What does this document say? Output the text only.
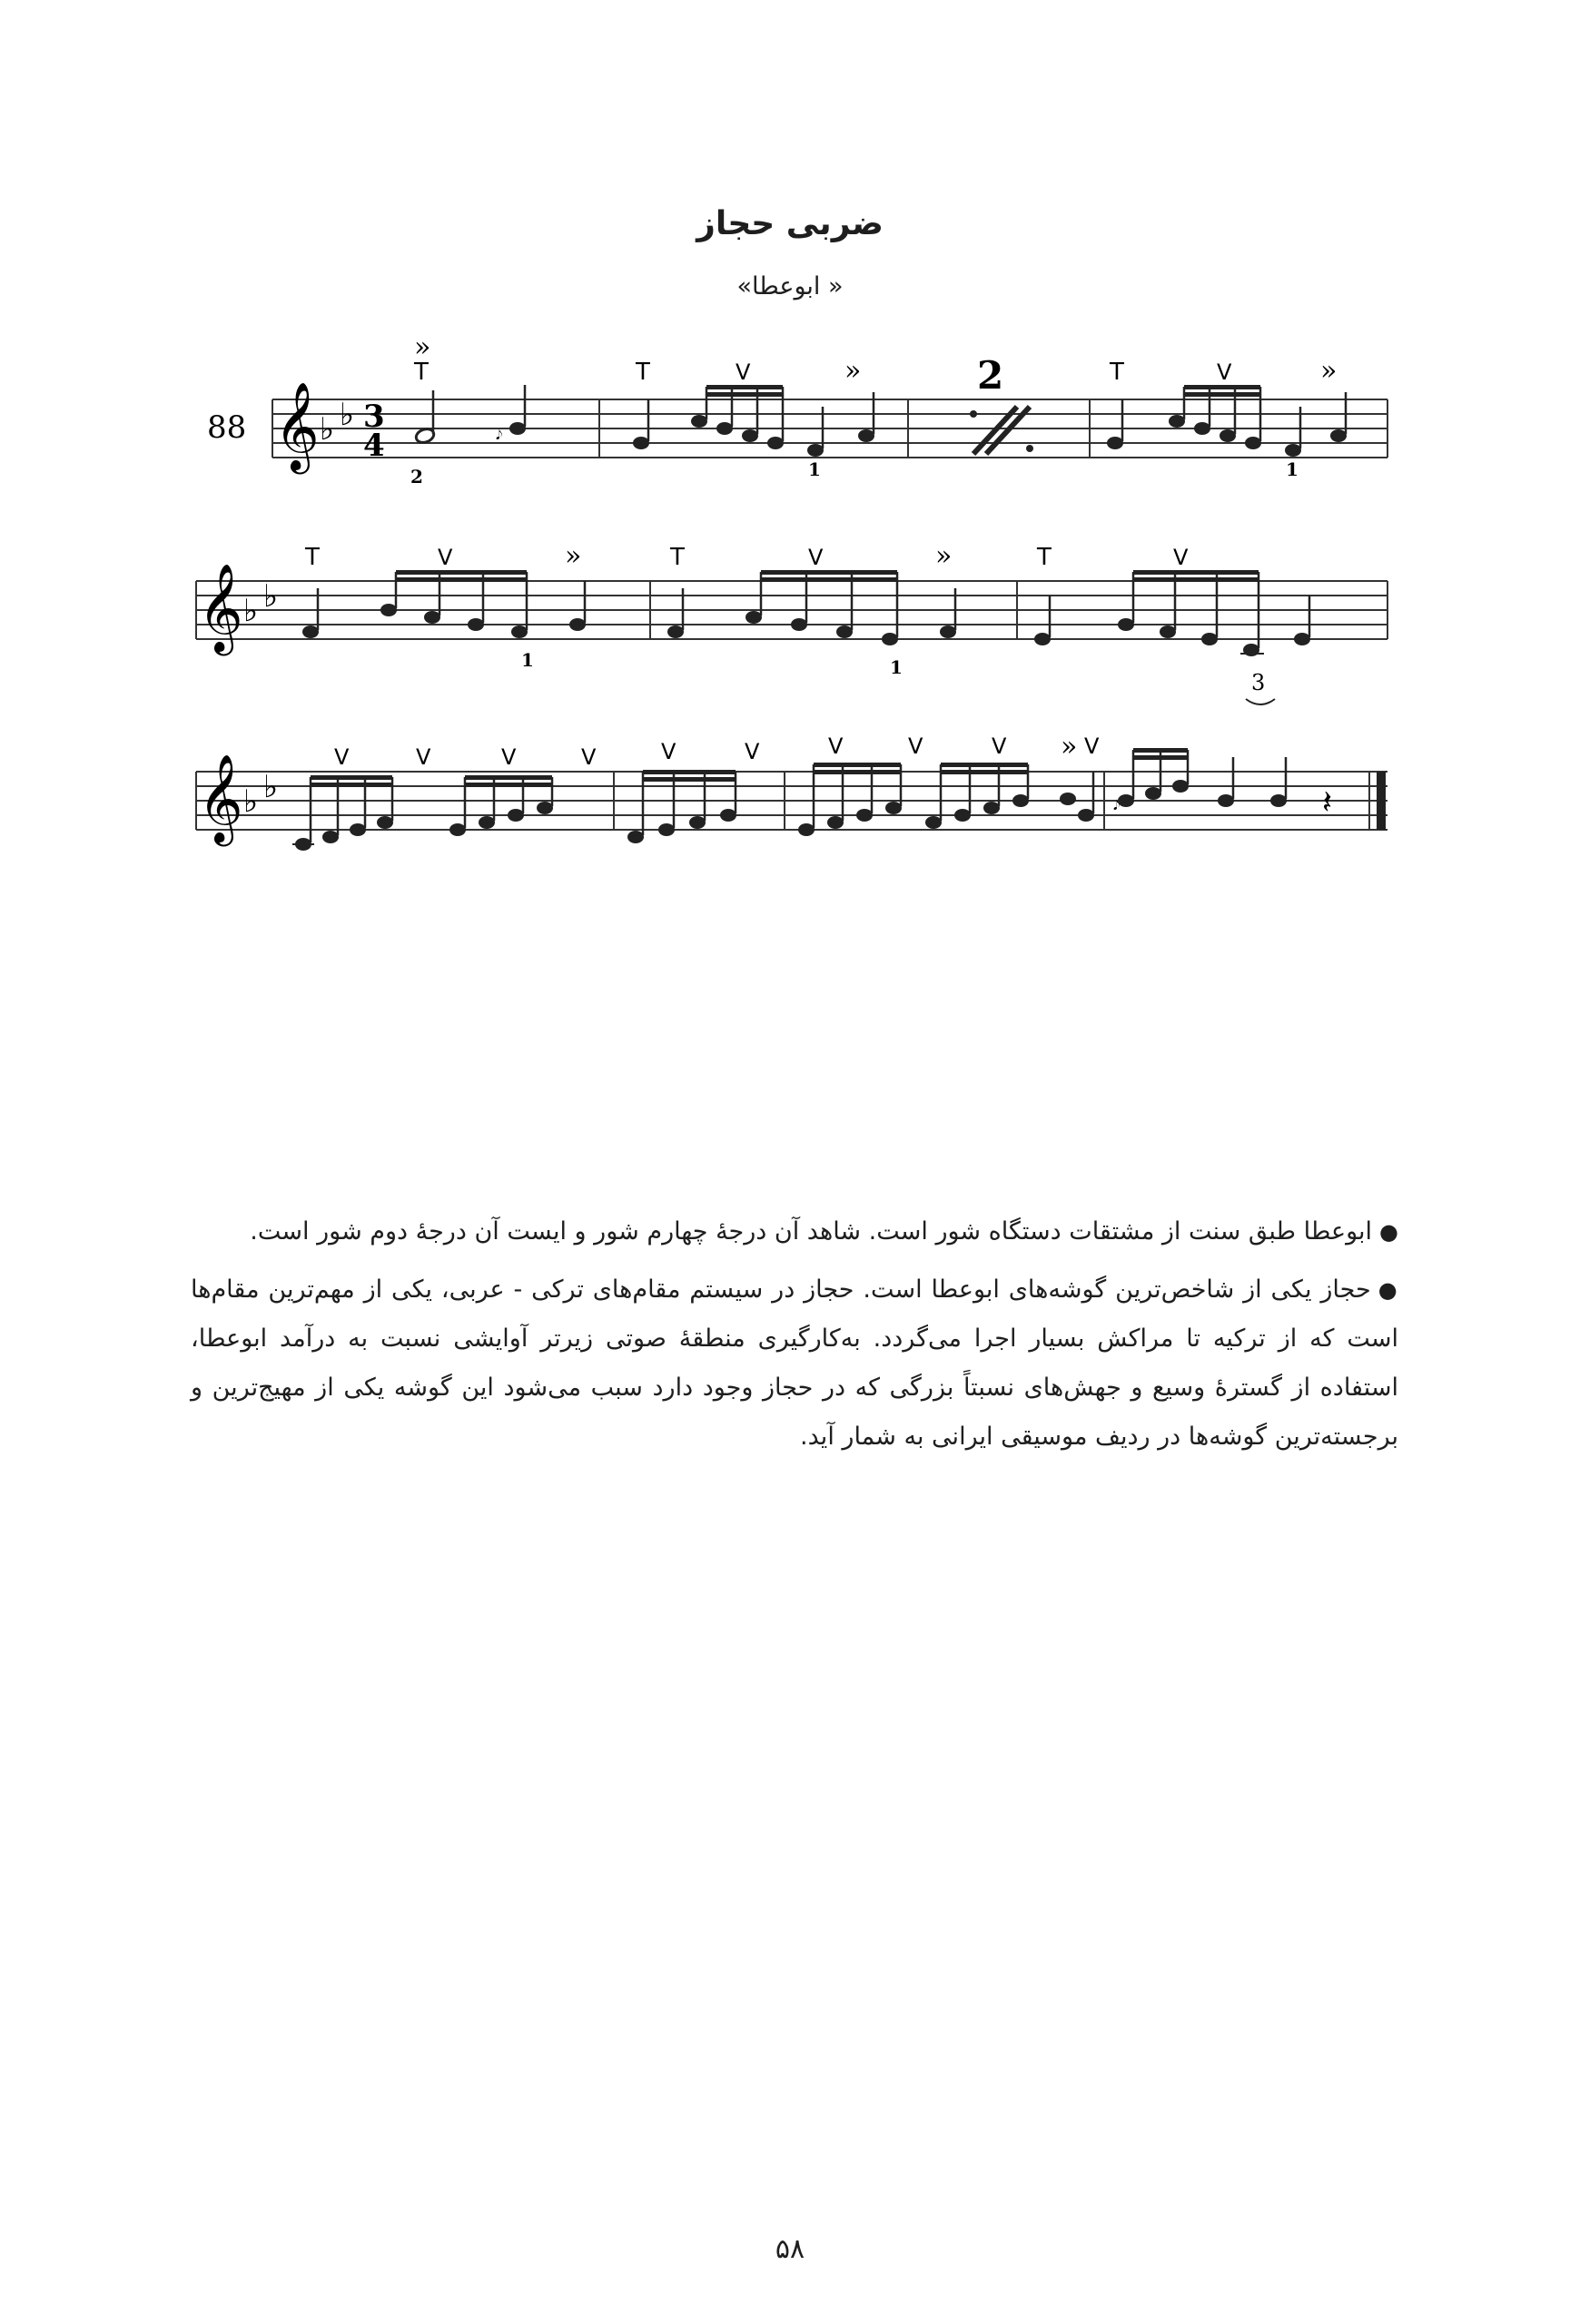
ضربی حجاز
« ابوعطا»
88 𝄞 ♭ ♭ 3
4
»
T
2
𝆕
T	V
1
»	2	T	V
1
»
𝄞 ♭ ♭
T	V
1
»	T	V
1
»	T	V
3
𝄞 ♭ ♭
V	V	V	V	V	V	V	V	V	V
»
𝆕	𝄽

●ابوعطا طبق سنت از مشتقات دستگاه شور است. شاهد آن درجهٔ چهارم شور و ایست آن درجهٔ دوم شور است.

●حجاز یکی از شاخص‌ترین گوشه‌های ابوعطا است. حجاز در سیستم مقام‌های ترکی - عربی، یکی از مهم‌ترین مقام‌ها است که از ترکیه تا مراکش بسیار اجرا می‌گردد. به‌کارگیری منطقهٔ صوتی زیرتر آوایشی نسبت به درآمد ابوعطا، استفاده از گسترهٔ وسیع و جهش‌های نسبتاً بزرگی که در حجاز وجود دارد سبب می‌شود این گوشه یکی از مهیج‌ترین و برجسته‌ترین گوشه‌ها در ردیف موسیقی ایرانی به شمار آید.

۵۸
